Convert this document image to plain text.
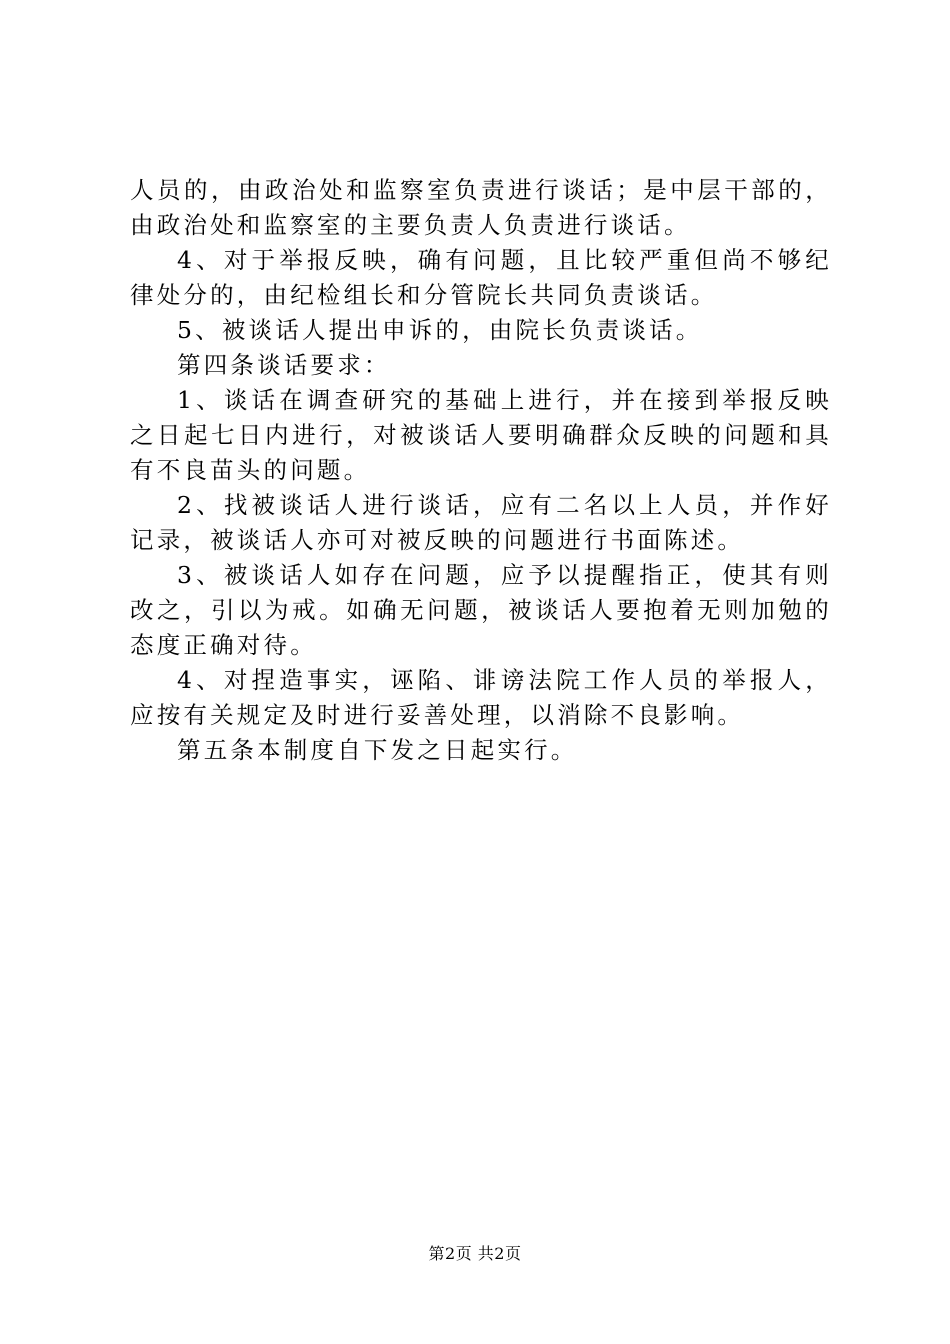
人员的，由政治处和监察室负责进行谈话；是中层干部的，由政治处和监察室的主要负责人负责进行谈话。

4、对于举报反映，确有问题，且比较严重但尚不够纪律处分的，由纪检组长和分管院长共同负责谈话。

5、被谈话人提出申诉的，由院长负责谈话。

第四条谈话要求：

1、谈话在调查研究的基础上进行，并在接到举报反映之日起七日内进行，对被谈话人要明确群众反映的问题和具有不良苗头的问题。

2、找被谈话人进行谈话，应有二名以上人员，并作好记录，被谈话人亦可对被反映的问题进行书面陈述。

3、被谈话人如存在问题，应予以提醒指正，使其有则改之，引以为戒。如确无问题，被谈话人要抱着无则加勉的态度正确对待。

4、对捏造事实，诬陷、诽谤法院工作人员的举报人，应按有关规定及时进行妥善处理，以消除不良影响。

第五条本制度自下发之日起实行。

第2页 共2页
